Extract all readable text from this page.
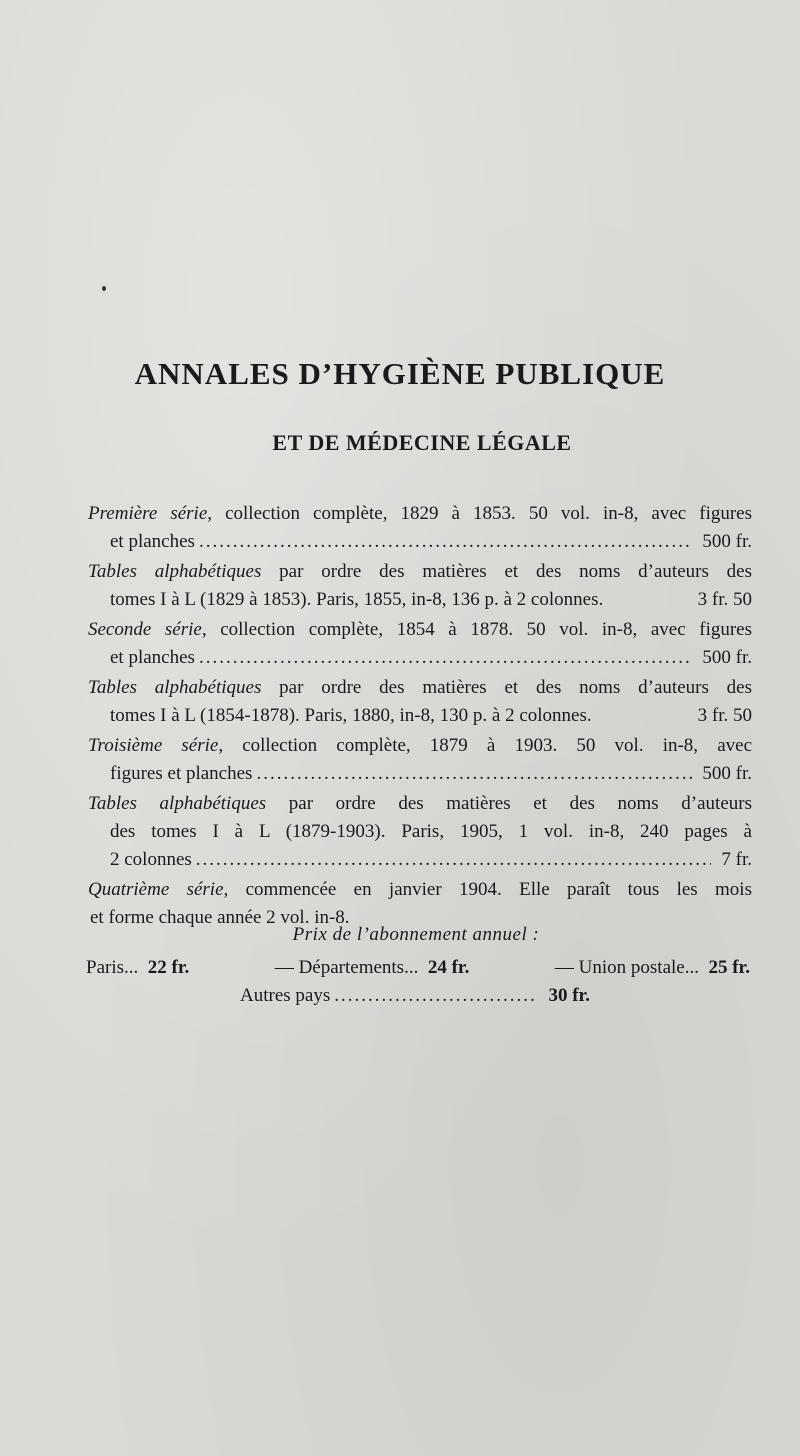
ANNALES D’HYGIÈNE PUBLIQUE
ET DE MÉDECINE LÉGALE
Première série, collection complète, 1829 à 1853. 50 vol. in-8, avec figures
et planches .....	500 fr.
Tables alphabétiques par ordre des matières et des noms d’auteurs des
tomes I à L (1829 à 1853). Paris, 1855, in-8, 136 p. à 2 colonnes.	3 fr. 50
Seconde série, collection complète, 1854 à 1878. 50 vol. in-8, avec figures
et planches .....	500 fr.
Tables alphabétiques par ordre des matières et des noms d’auteurs des
tomes I à L (1854-1878). Paris, 1880, in-8, 130 p. à 2 colonnes.	3 fr. 50
Troisième série, collection complète, 1879 à 1903. 50 vol. in-8, avec
figures et planches .....	500 fr.
Tables alphabétiques par ordre des matières et des noms d’auteurs
des tomes I à L (1879-1903). Paris, 1905, 1 vol. in-8, 240 pages à
2 colonnes .....	7 fr.
Quatrième série, commencée en janvier 1904. Elle paraît tous les mois
et forme chaque année 2 vol. in-8.
Prix de l’abonnement annuel :
Paris... 22 fr.	— Départements... 24 fr.	— Union postale... 25 fr.
Autres pays .....	30 fr.
